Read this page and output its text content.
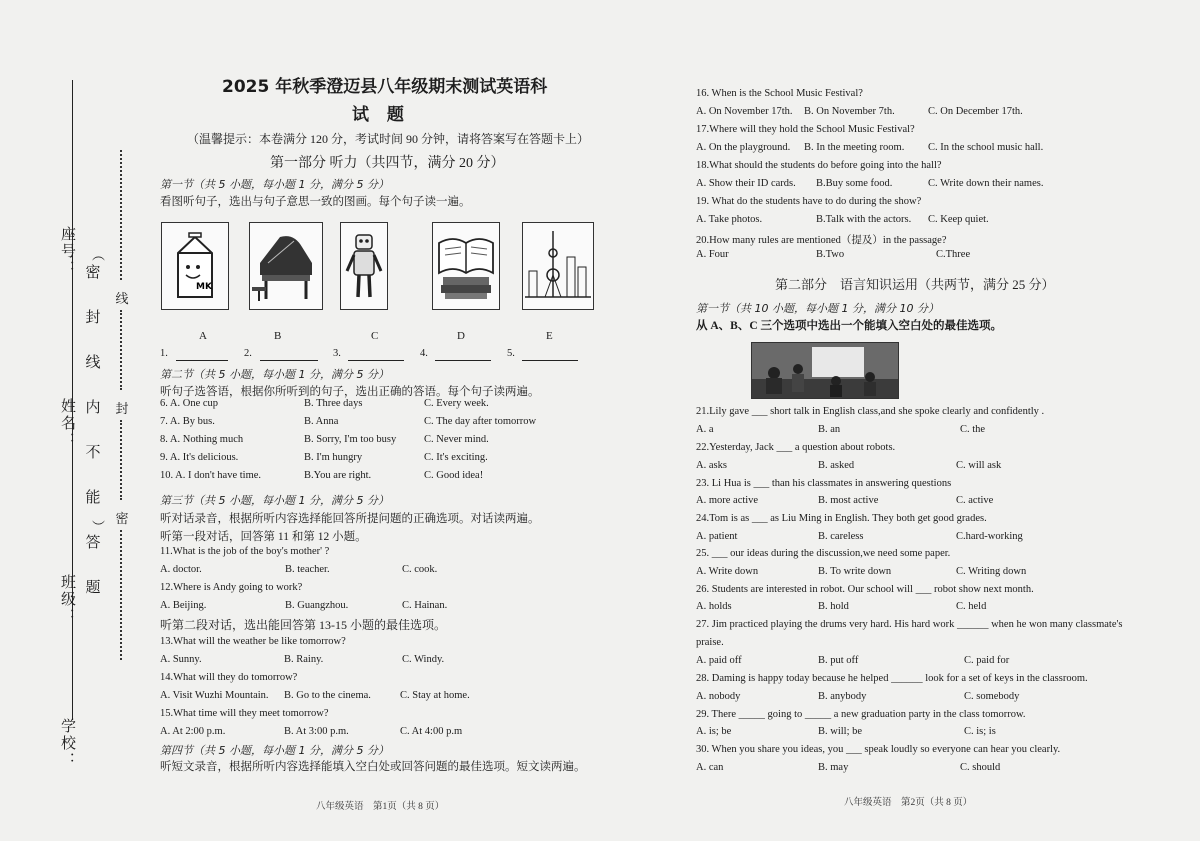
座号：
姓名：
班级：
学校：
（
密
封
线
内
不
能
答
题
）
线
封
密
2025 年秋季澄迈县八年级期末测试英语科
试 题
（温馨提示：本卷满分 120 分，考试时间 90 分钟，请将答案写在答题卡上）
第一部分 听力（共四节，满分 20 分）
第一节（共 5 小题，每小题 1 分，满分 5 分）
看图听句子，选出与句子意思一致的图画。每个句子读一遍。
MK
A	B	C	D	E
1.	2.	3.	4.	5.
第二节（共 5 小题，每小题 1 分，满分 5 分）
听句子选答语，根据你所听到的句子，选出正确的答语。每个句子读两遍。
6. A. One cup	B. Three days	C. Every week.
7. A. By bus.	B. Anna	C. The day after tomorrow
8. A. Nothing much	B. Sorry, I'm too busy	C. Never mind.
9. A. It's delicious.	B. I'm hungry	C. It's exciting.
10. A. I don't have time.	B.You are right.	C. Good idea!
第三节（共 5 小题，每小题 1 分，满分 5 分）
听对话录音，根据所听内容选择能回答所提问题的正确选项。对话读两遍。
听第一段对话，回答第 11 和第 12 小题。
11.What is the job of the boy's mother' ?
A. doctor.	B. teacher.	C. cook.
12.Where is Andy going to work?
A. Beijing.	B. Guangzhou.	C. Hainan.
听第二段对话，选出能回答第 13-15 小题的最佳选项。
13.What will the weather be like tomorrow?
A. Sunny.	B. Rainy.	C. Windy.
14.What will they do tomorrow?
A. Visit Wuzhi Mountain. B. Go to the cinema.	C. Stay at home.
15.What time will they meet tomorrow?
A. At 2:00 p.m.	B. At 3:00 p.m.	C. At 4:00 p.m
第四节（共 5 小题，每小题 1 分，满分 5 分）
听短文录音，根据所听内容选择能填入空白处或回答问题的最佳选项。短文读两遍。
八年级英语　第1页（共 8 页）
16. When is the School Music Festival?
A. On November 17th. B. On November 7th.	C. On December 17th.
17.Where will they hold the School Music Festival?
A. On the playground. B. In the meeting room. C. In the school music hall.
18.What should the students do before going into the hall?
A. Show their ID cards. B.Buy some food.	C. Write down their names.
19. What do the students have to do during the show?
A. Take photos.	B.Talk with the actors. C. Keep quiet.
20.How many rules are mentioned（提及）in the passage?
A. Four	B.Two	C.Three
第二部分　语言知识运用（共两节，满分 25 分）
第一节（共 10 小题，每小题 1 分，满分 10 分）
从 A、B、C 三个选项中选出一个能填入空白处的最佳选项。
21.Lily gave ___ short talk in English class,and she spoke clearly and confidently .
A. a	B. an	C. the
22.Yesterday, Jack ___ a question about robots.
A. asks	B. asked	C. will ask
23. Li Hua is ___ than his classmates in answering questions
A. more active	B. most active	C. active
24.Tom is as ___ as Liu Ming in English. They both get good grades.
A. patient	B. careless	C.hard-working
25. ___ our ideas during the discussion,we need some paper.
A. Write down	B. To write down	C. Writing down
26. Students are interested in robot. Our school will ___ robot show next month.
A. holds	B. hold	C. held
27. Jim practiced playing the drums very hard. His hard work ______ when he won many classmate's
praise.
A. paid off	B. put off	C. paid for
28. Daming is happy today because he helped ______ look for a set of keys in the classroom.
A. nobody	B. anybody	C. somebody
29. There _____ going to _____ a new graduation party in the class tomorrow.
A. is; be	B. will; be	C. is; is
30. When you share you ideas, you ___ speak loudly so everyone can hear you clearly.
A. can	B. may	C. should
八年级英语　第2页（共 8 页）
